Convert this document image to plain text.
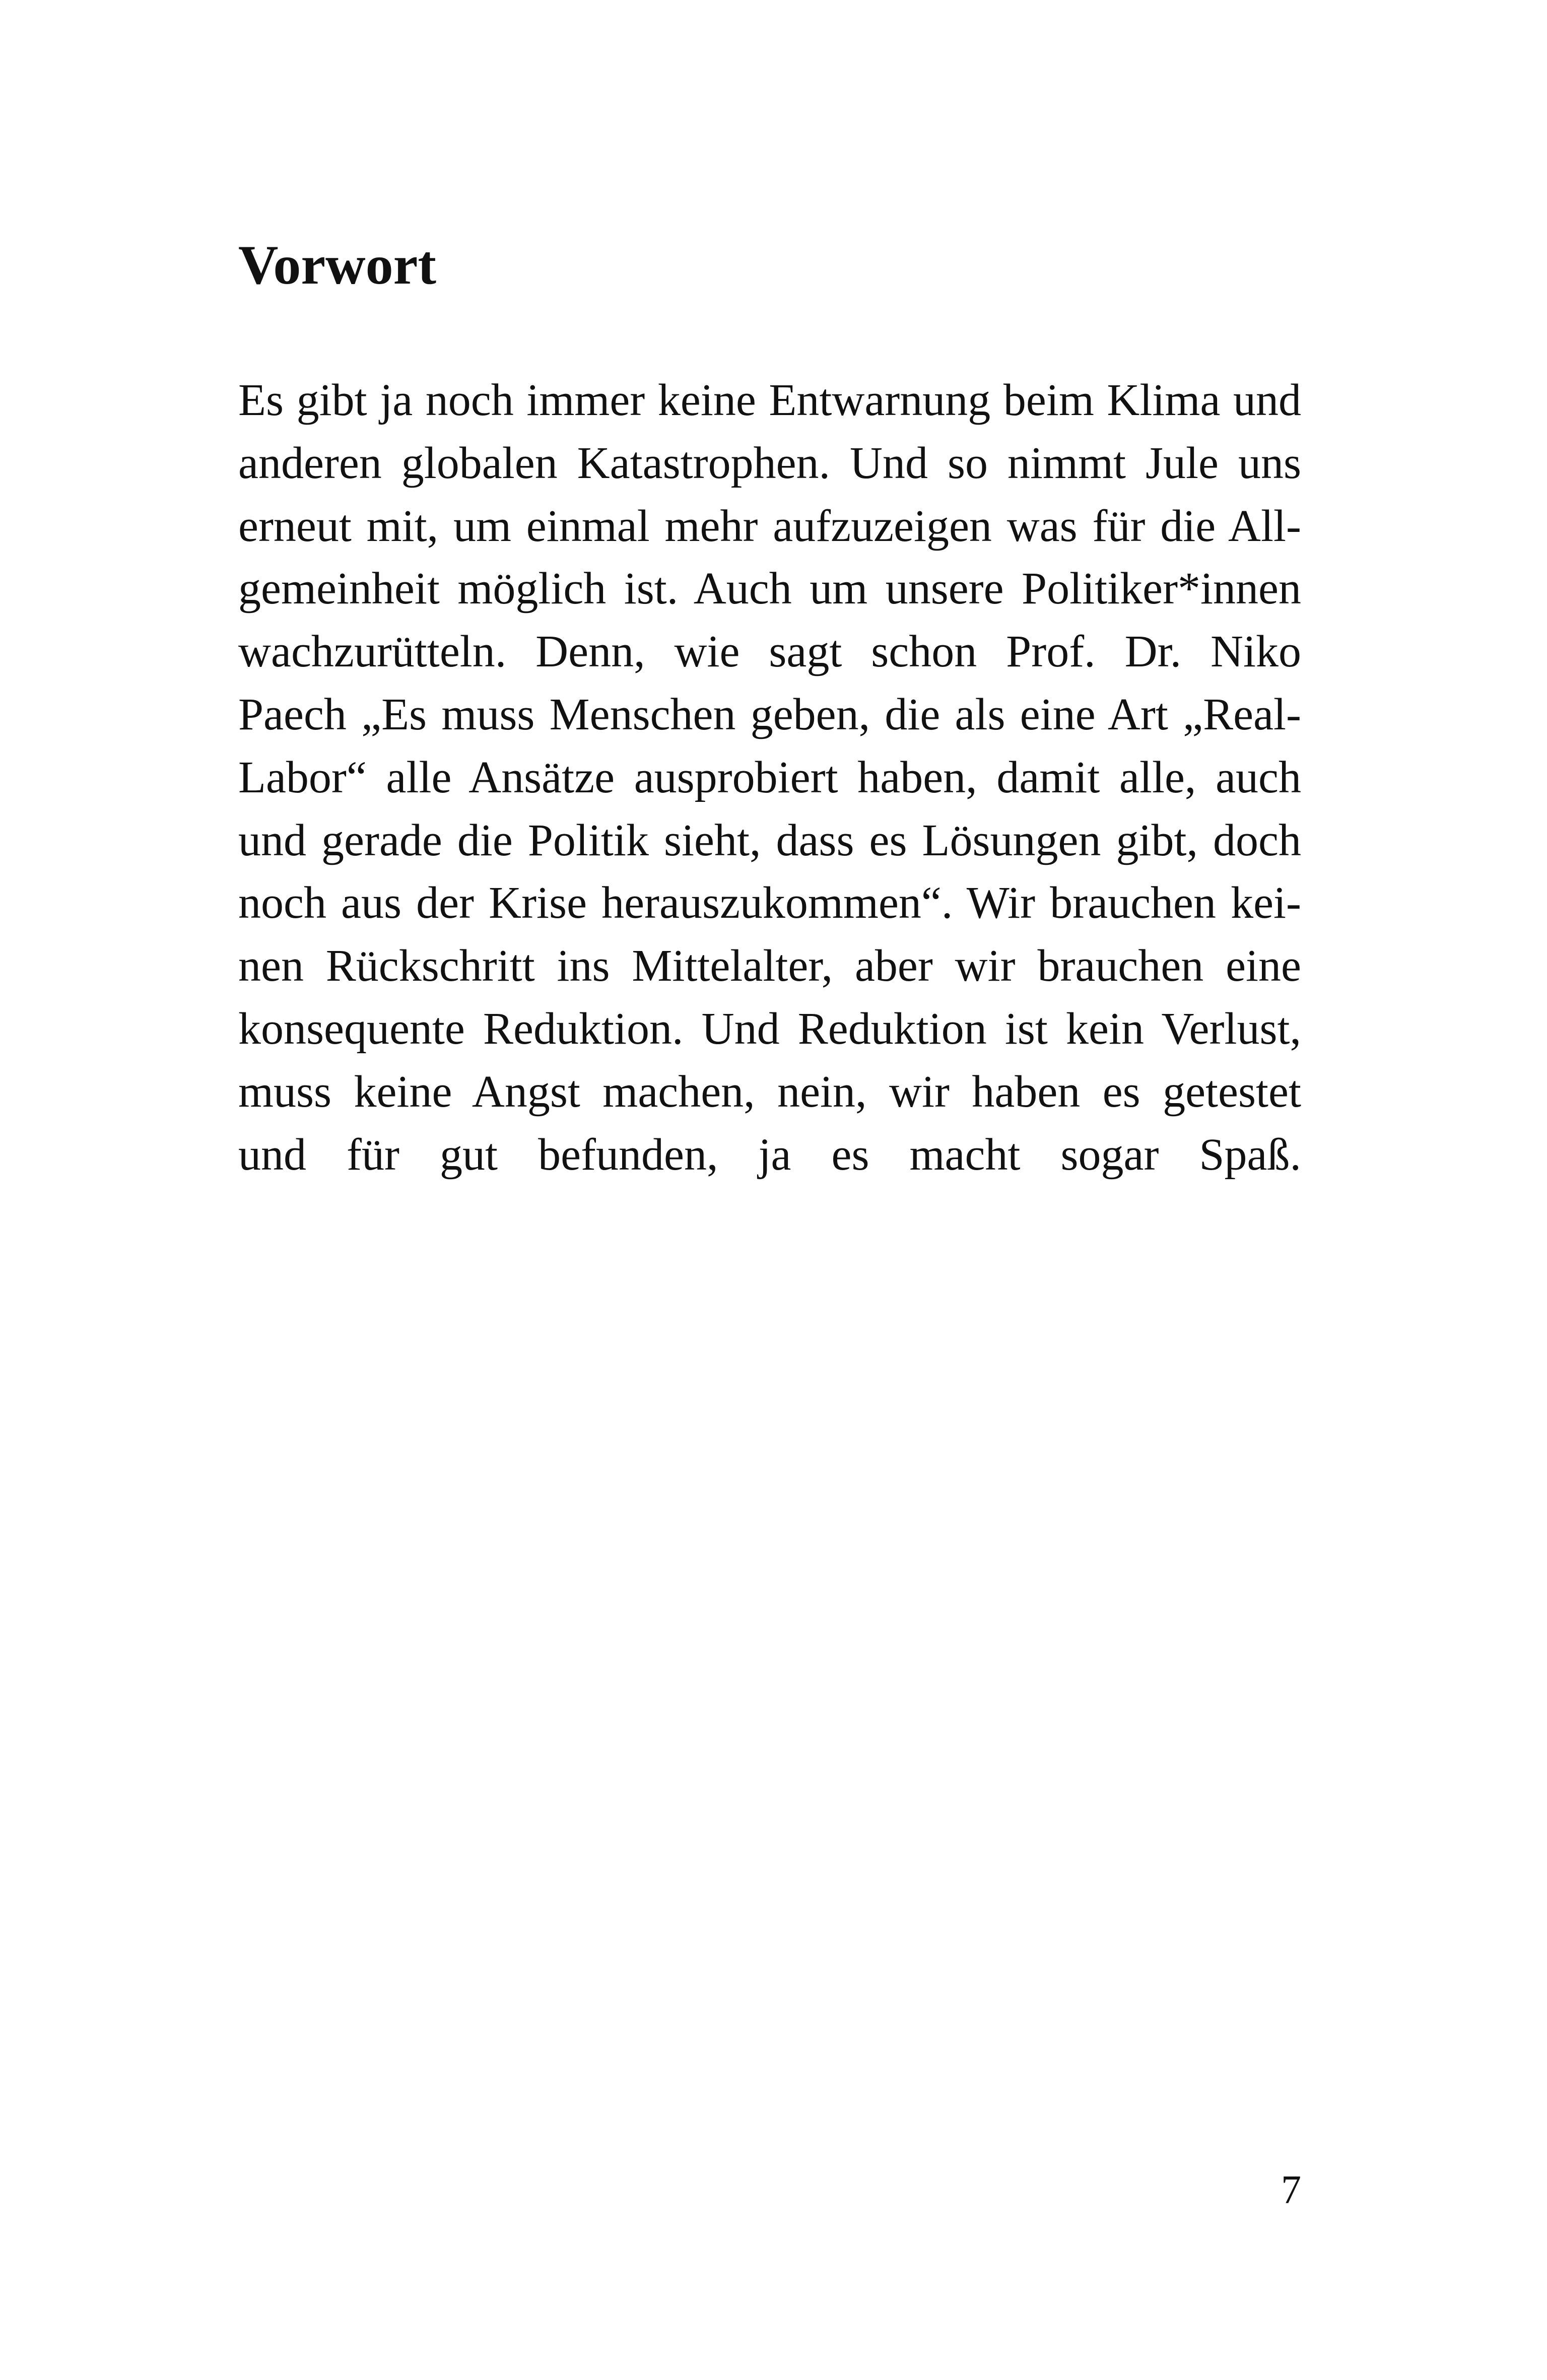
Vorwort
Es gibt ja noch immer keine Entwarnung beim Klima und
anderen globalen Katastrophen. Und so nimmt Jule uns
erneut mit, um einmal mehr aufzuzeigen was für die All-
gemeinheit möglich ist. Auch um unsere Politiker*innen
wachzurütteln. Denn, wie sagt schon Prof. Dr. Niko
Paech „Es muss Menschen geben, die als eine Art „Real-
Labor“ alle Ansätze ausprobiert haben, damit alle, auch
und gerade die Politik sieht, dass es Lösungen gibt, doch
noch aus der Krise herauszukommen“. Wir brauchen kei-
nen Rückschritt ins Mittelalter, aber wir brauchen eine
konsequente Reduktion. Und Reduktion ist kein Verlust,
muss keine Angst machen, nein, wir haben es getestet
und für gut befunden, ja es macht sogar Spaß.
7
